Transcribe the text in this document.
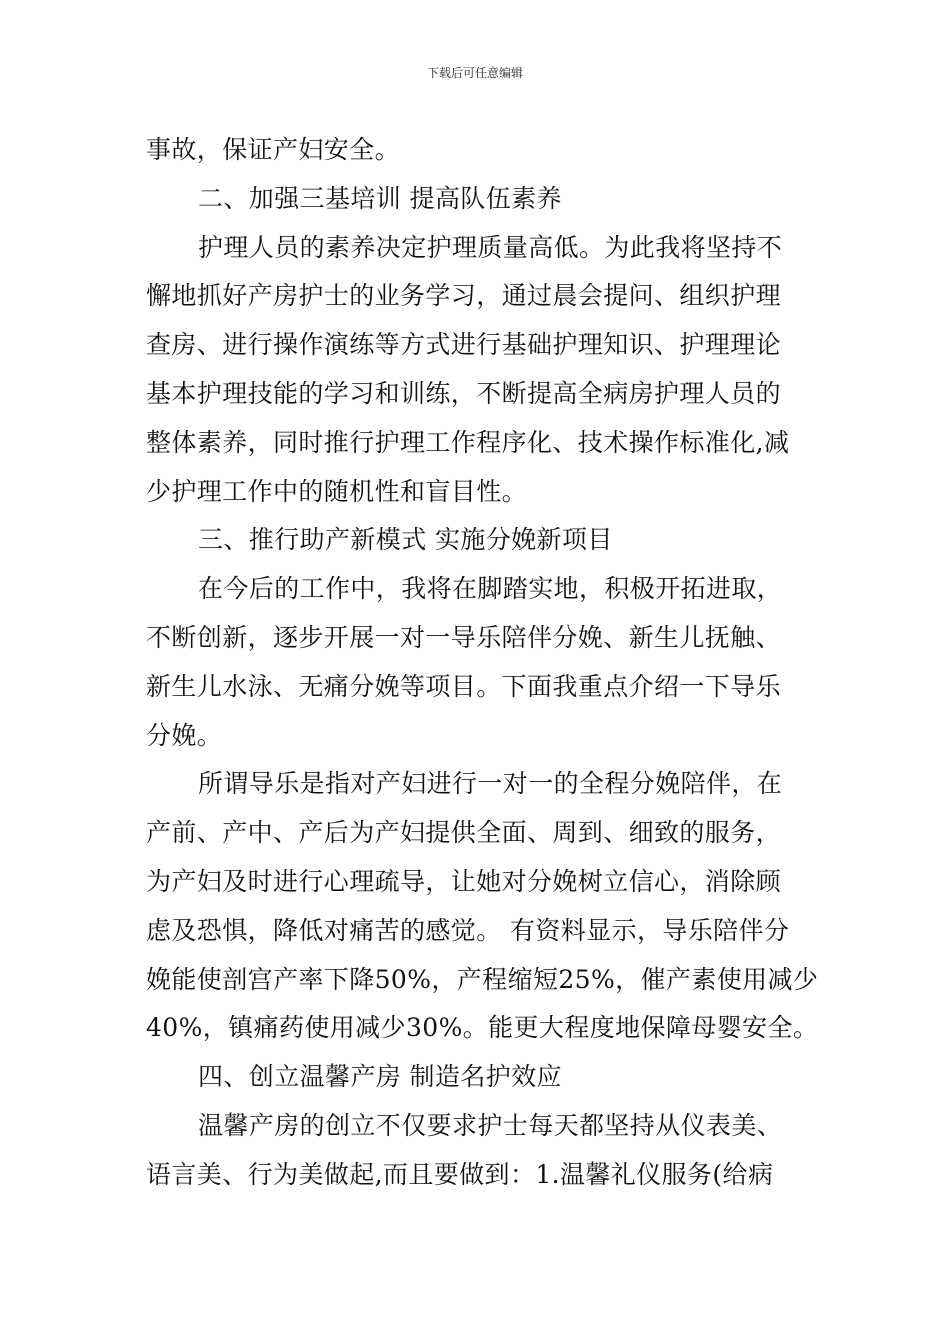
下载后可任意编辑
事故，保证产妇安全。
二、加强三基培训 提高队伍素养
护理人员的素养决定护理质量高低。为此我将坚持不
懈地抓好产房护士的业务学习，通过晨会提问、组织护理
查房、进行操作演练等方式进行基础护理知识、护理理论
基本护理技能的学习和训练，不断提高全病房护理人员的
整体素养，同时推行护理工作程序化、技术操作标准化,减
少护理工作中的随机性和盲目性。
三、推行助产新模式 实施分娩新项目
在今后的工作中，我将在脚踏实地，积极开拓进取，
不断创新，逐步开展一对一导乐陪伴分娩、新生儿抚触、
新生儿水泳、无痛分娩等项目。下面我重点介绍一下导乐
分娩。
所谓导乐是指对产妇进行一对一的全程分娩陪伴，在
产前、产中、产后为产妇提供全面、周到、细致的服务，
为产妇及时进行心理疏导，让她对分娩树立信心，消除顾
虑及恐惧，降低对痛苦的感觉。 有资料显示，导乐陪伴分
娩能使剖宫产率下降50%，产程缩短25%，催产素使用减少
40%，镇痛药使用减少30%。能更大程度地保障母婴安全。
四、创立温馨产房 制造名护效应
温馨产房的创立不仅要求护士每天都坚持从仪表美、
语言美、行为美做起,而且要做到：1.温馨礼仪服务(给病
